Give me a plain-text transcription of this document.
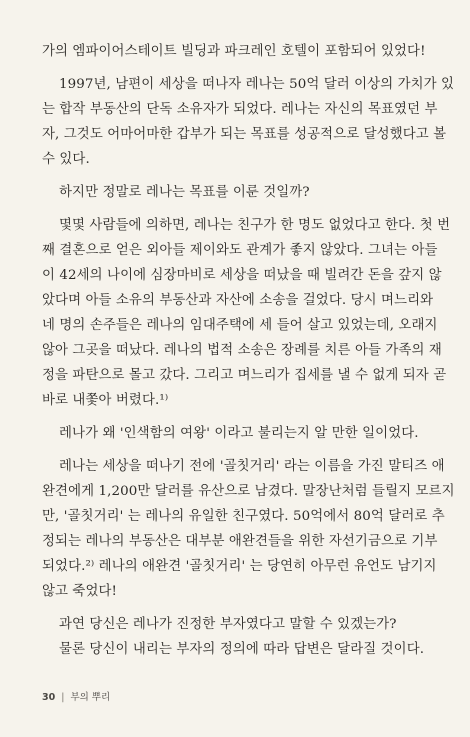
가의 엠파이어스테이트 빌딩과 파크레인 호텔이 포함되어 있었다!
1997년, 남편이 세상을 떠나자 레나는 50억 달러 이상의 가치가 있
는 합작 부동산의 단독 소유자가 되었다. 레나는 자신의 목표였던 부
자, 그것도 어마어마한 갑부가 되는 목표를 성공적으로 달성했다고 볼
수 있다.
하지만 정말로 레나는 목표를 이룬 것일까?
몇몇 사람들에 의하면, 레나는 친구가 한 명도 없었다고 한다. 첫 번
째 결혼으로 얻은 외아들 제이와도 관계가 좋지 않았다. 그녀는 아들
이 42세의 나이에 심장마비로 세상을 떠났을 때 빌려간 돈을 갚지 않
았다며 아들 소유의 부동산과 자산에 소송을 걸었다. 당시 며느리와
네 명의 손주들은 레나의 임대주택에 세 들어 살고 있었는데, 오래지
않아 그곳을 떠났다. 레나의 법적 소송은 장례를 치른 아들 가족의 재
정을 파탄으로 몰고 갔다. 그리고 며느리가 집세를 낼 수 없게 되자 곧
바로 내쫓아 버렸다.¹⁾
레나가 왜 '인색함의 여왕' 이라고 불리는지 알 만한 일이었다.
레나는 세상을 떠나기 전에 '골칫거리' 라는 이름을 가진 말티즈 애
완견에게 1,200만 달러를 유산으로 남겼다. 말장난처럼 들릴지 모르지
만, '골칫거리' 는 레나의 유일한 친구였다. 50억에서 80억 달러로 추
정되는 레나의 부동산은 대부분 애완견들을 위한 자선기금으로 기부
되었다.²⁾ 레나의 애완견 '골칫거리' 는 당연히 아무런 유언도 남기지
않고 죽었다!
과연 당신은 레나가 진정한 부자였다고 말할 수 있겠는가?
물론 당신이 내리는 부자의 정의에 따라 답변은 달라질 것이다.
30 | 부의 뿌리
